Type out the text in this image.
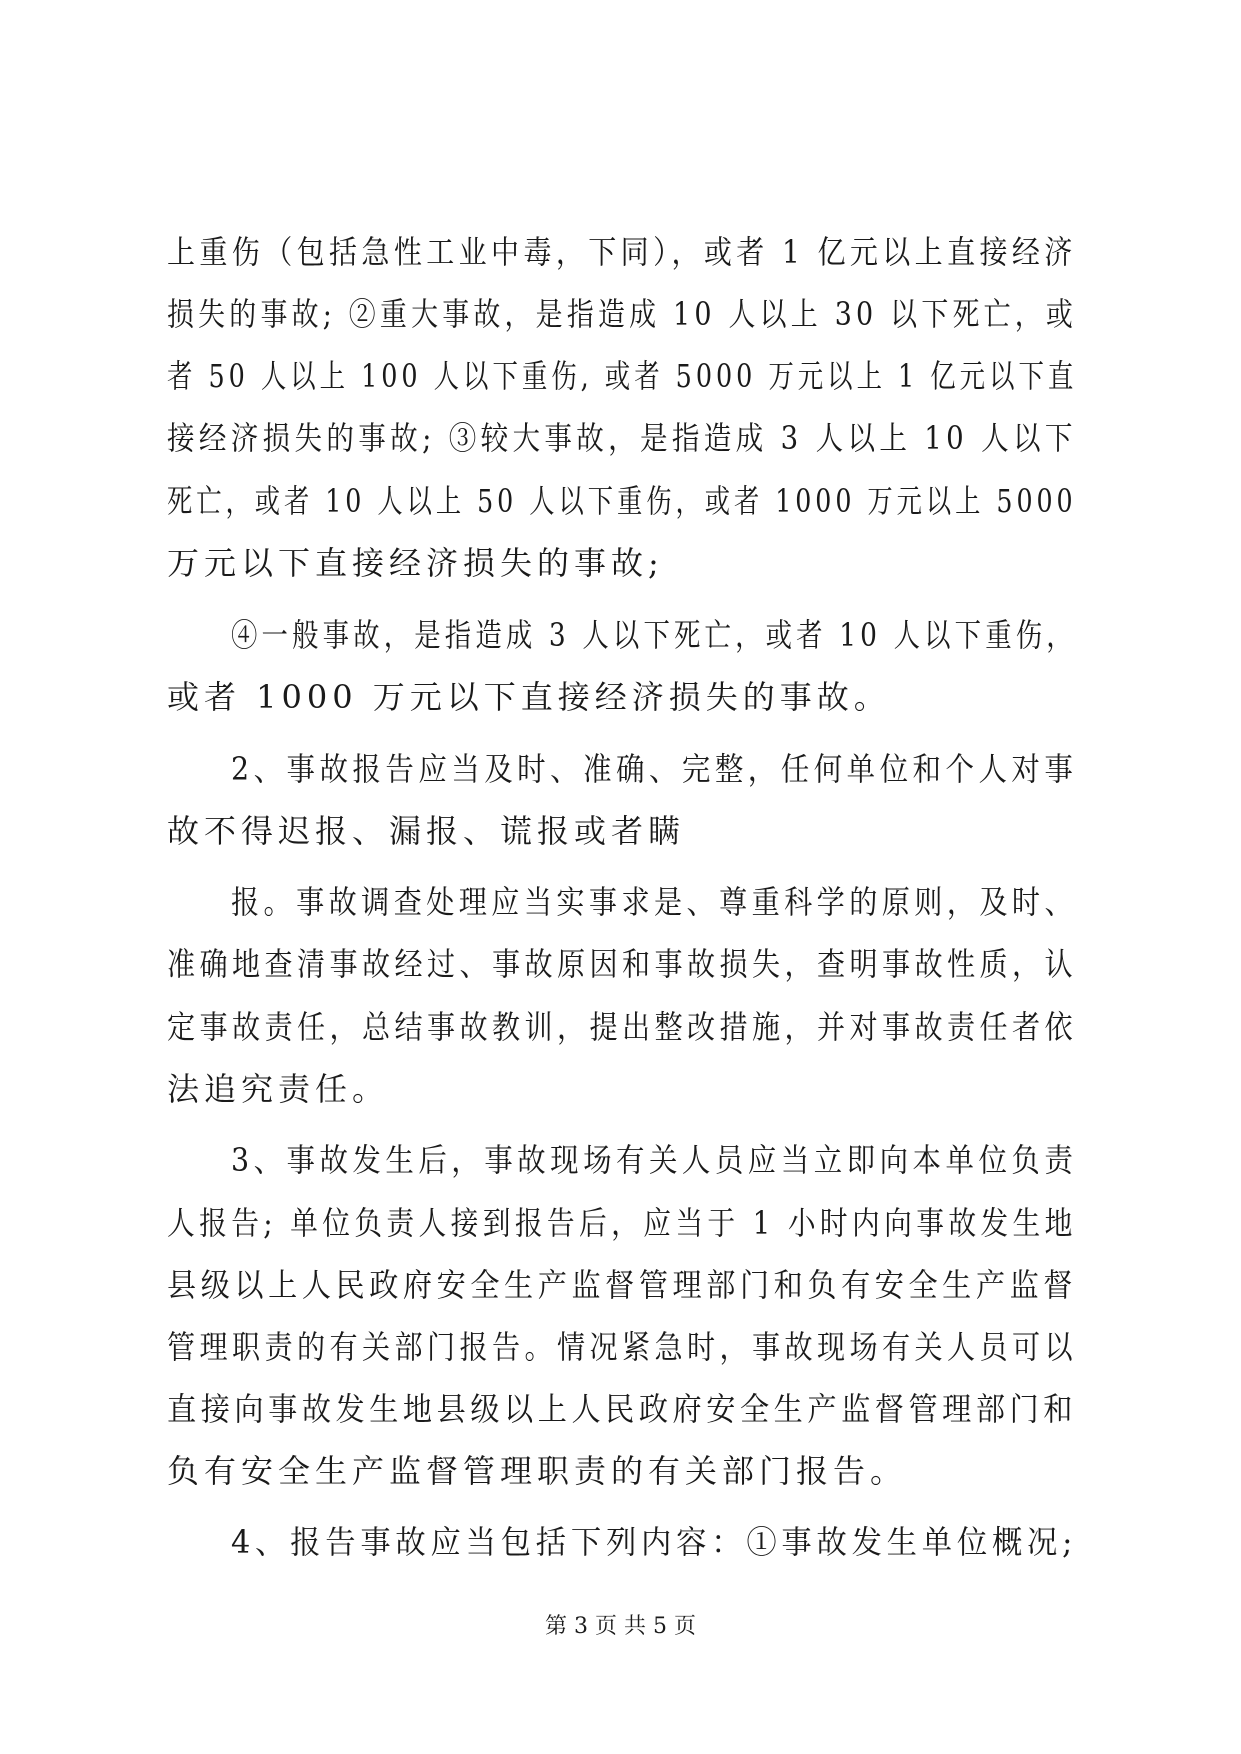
上重伤（包括急性工业中毒，下同），或者 1 亿元以上直接经济
损失的事故; ②重大事故，是指造成 10 人以上 30 以下死亡，或
者 50 人以上 100 人以下重伤, 或者 5000 万元以上 1 亿元以下直
接经济损失的事故; ③较大事故，是指造成 3 人以上 10 人以下
死亡，或者 10 人以上 50 人以下重伤，或者 1000 万元以上 5000
万元以下直接经济损失的事故;
④一般事故，是指造成 3 人以下死亡，或者 10 人以下重伤，
或者 1000 万元以下直接经济损失的事故。
2、事故报告应当及时、准确、完整，任何单位和个人对事
故不得迟报、漏报、谎报或者瞒
报。事故调查处理应当实事求是、尊重科学的原则，及时、
准确地查清事故经过、事故原因和事故损失，查明事故性质，认
定事故责任，总结事故教训，提出整改措施，并对事故责任者依
法追究责任。
3、事故发生后，事故现场有关人员应当立即向本单位负责
人报告; 单位负责人接到报告后，应当于 1 小时内向事故发生地
县级以上人民政府安全生产监督管理部门和负有安全生产监督
管理职责的有关部门报告。情况紧急时，事故现场有关人员可以
直接向事故发生地县级以上人民政府安全生产监督管理部门和
负有安全生产监督管理职责的有关部门报告。
4、报告事故应当包括下列内容：①事故发生单位概况;
第 3 页 共 5 页
